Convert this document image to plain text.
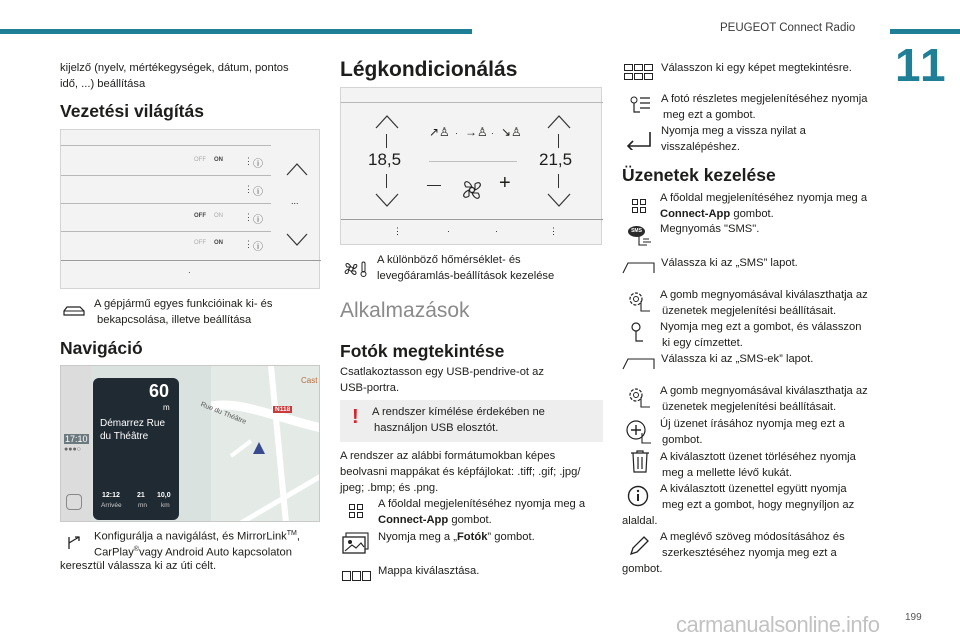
PEUGEOT Connect Radio
11
199
carmanualsonline.info
kijelző (nyelv, mértékegységek, dátum, pontos
idő, ...) beállítása
Vezetési világítás
OFF ON ⋮ ⓘ
⋮ ⓘ
OFF ON ⋮ ⓘ
OFF ON ⋮ ⓘ
...
·
A gépjármű egyes funkcióinak ki- és
bekapcsolása, illetve beállítása
Navigáció
17:10
●●●○
Rue du Théâtre	N118
Cast
60
m
Démarrez Rue
du Théâtre
12:12
Arrivée
21
mn
10,0
km
Konfigurálja a navigálást, és MirrorLink™,
CarPlay®vagy Android Auto kapcsolaton
keresztül válassza ki az úti célt.
Légkondicionálás
18,5	21,5
↗♙ · →♙ · ↘♙
—	+
⋮	·	·	⋮
A különböző hőmérséklet- és
levegőáramlás-beállítások kezelése
Alkalmazások
Fotók megtekintése
Csatlakoztasson egy USB-pendrive-ot az
USB-portra.
! A rendszer kímélése érdekében ne
használjon USB elosztót.
A rendszer az alábbi formátumokban képes
beolvasni mappákat és képfájlokat: .tiff; .gif; .jpg/
jpeg; .bmp; és .png.
A főoldal megjelenítéséhez nyomja meg a
Connect-App gombot.
Nyomja meg a „Fotók” gombot.
Mappa kiválasztása.
Válasszon ki egy képet megtekintésre.
A fotó részletes megjelenítéséhez nyomja
meg ezt a gombot.
Nyomja meg a vissza nyilat a
visszalépéshez.
Üzenetek kezelése
A főoldal megjelenítéséhez nyomja meg a
Connect-App gombot.
SMS Megnyomás "SMS".
Válassza ki az „SMS” lapot.
A gomb megnyomásával kiválaszthatja az
üzenetek megjelenítési beállításait.
Nyomja meg ezt a gombot, és válasszon
ki egy címzettet.
Válassza ki az „SMS-ek” lapot.
A gomb megnyomásával kiválaszthatja az
üzenetek megjelenítési beállításait.
Új üzenet írásához nyomja meg ezt a
gombot.
A kiválasztott üzenet törléséhez nyomja
meg a mellette lévő kukát.
A kiválasztott üzenettel együtt nyomja
meg ezt a gombot, hogy megnyíljon az
alaldal.
A meglévő szöveg módosításához és
szerkesztéséhez nyomja meg ezt a
gombot.
